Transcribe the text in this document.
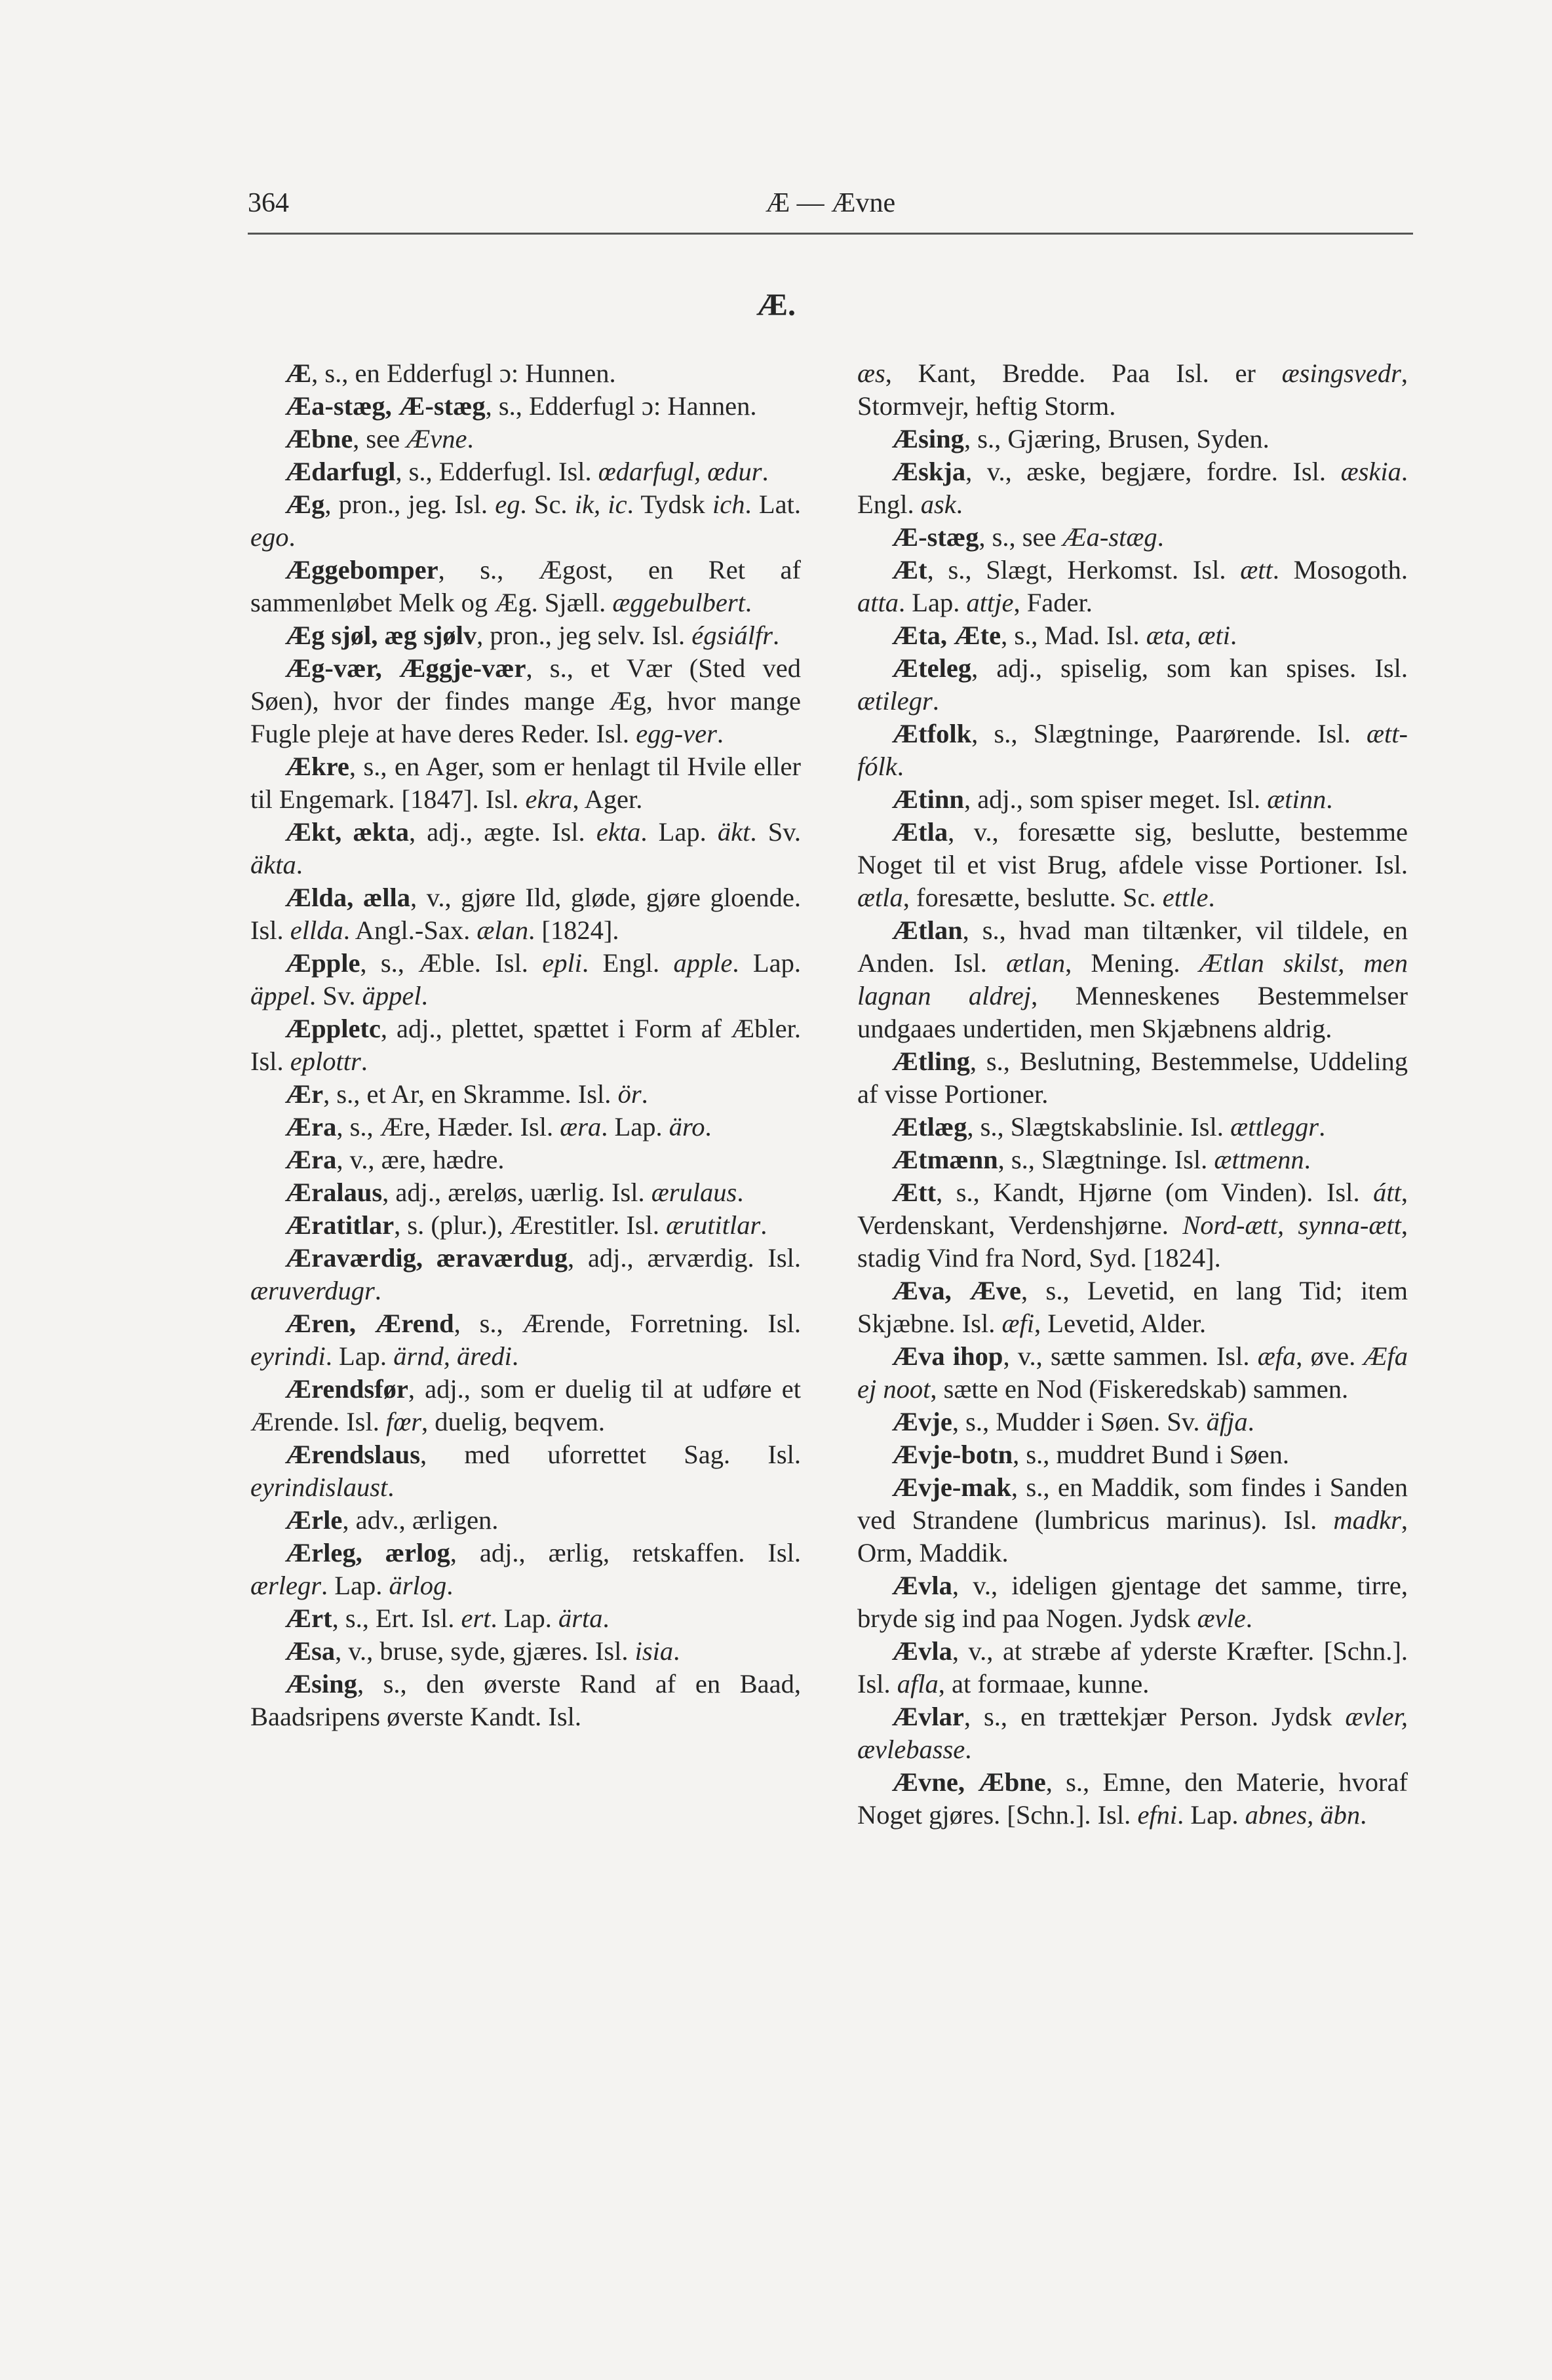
364	Æ — Ævne
Æ.

Æ, s., en Edderfugl ɔ: Hunnen.

Æa-stæg, Æ-stæg, s., Edderfugl ɔ: Hannen.

Æbne, see Ævne.

Ædarfugl, s., Edderfugl. Isl. œdarfugl, œdur.

Æg, pron., jeg. Isl. eg. Sc. ik, ic. Tydsk ich. Lat. ego.

Æggebomper, s., Ægost, en Ret af sammenløbet Melk og Æg. Sjæll. æggebulbert.

Æg sjøl, æg sjølv, pron., jeg selv. Isl. égsiálfr.

Æg-vær, Æggje-vær, s., et Vær (Sted ved Søen), hvor der findes mange Æg, hvor mange Fugle pleje at have deres Reder. Isl. egg-ver.

Ækre, s., en Ager, som er henlagt til Hvile eller til Engemark. [1847]. Isl. ekra, Ager.

Ækt, ækta, adj., ægte. Isl. ekta. Lap. äkt. Sv. äkta.

Ælda, ælla, v., gjøre Ild, gløde, gjøre gloende. Isl. ellda. Angl.-Sax. ælan. [1824].

Æpple, s., Æble. Isl. epli. Engl. apple. Lap. äppel. Sv. äppel.

Æppletc, adj., plettet, spættet i Form af Æbler. Isl. eplottr.

Ær, s., et Ar, en Skramme. Isl. ör.

Æra, s., Ære, Hæder. Isl. æra. Lap. äro.

Æra, v., ære, hædre.

Æralaus, adj., æreløs, uærlig. Isl. ærulaus.

Æratitlar, s. (plur.), Ærestitler. Isl. ærutitlar.

Æraværdig, æraværdug, adj., ærværdig. Isl. æruverdugr.

Æren, Ærend, s., Ærende, Forretning. Isl. eyrindi. Lap. ärnd, äredi.

Ærendsfør, adj., som er duelig til at udføre et Ærende. Isl. fœr, duelig, beqvem.

Ærendslaus, med uforrettet Sag. Isl. eyrindislaust.

Ærle, adv., ærligen.

Ærleg, ærlog, adj., ærlig, retskaffen. Isl. ærlegr. Lap. ärlog.

Ært, s., Ert. Isl. ert. Lap. ärta.

Æsa, v., bruse, syde, gjæres. Isl. isia.

Æsing, s., den øverste Rand af en Baad, Baadsripens øverste Kandt. Isl.

æs, Kant, Bredde. Paa Isl. er æsingsvedr, Stormvejr, heftig Storm.

Æsing, s., Gjæring, Brusen, Syden.

Æskja, v., æske, begjære, fordre. Isl. æskia. Engl. ask.

Æ-stæg, s., see Æa-stæg.

Æt, s., Slægt, Herkomst. Isl. ætt. Mosogoth. atta. Lap. attje, Fader.

Æta, Æte, s., Mad. Isl. æta, æti.

Æteleg, adj., spiselig, som kan spises. Isl. ætilegr.

Ætfolk, s., Slægtninge, Paarørende. Isl. ætt-fólk.

Ætinn, adj., som spiser meget. Isl. ætinn.

Ætla, v., foresætte sig, beslutte, bestemme Noget til et vist Brug, afdele visse Portioner. Isl. ætla, foresætte, beslutte. Sc. ettle.

Ætlan, s., hvad man tiltænker, vil tildele, en Anden. Isl. ætlan, Mening. Ætlan skilst, men lagnan aldrej, Menneskenes Bestemmelser undgaaes undertiden, men Skjæbnens aldrig.

Ætling, s., Beslutning, Bestemmelse, Uddeling af visse Portioner.

Ætlæg, s., Slægtskabslinie. Isl. ættleggr.

Ætmænn, s., Slægtninge. Isl. ættmenn.

Ætt, s., Kandt, Hjørne (om Vinden). Isl. átt, Verdenskant, Verdenshjørne. Nord-ætt, synna-ætt, stadig Vind fra Nord, Syd. [1824].

Æva, Æve, s., Levetid, en lang Tid; item Skjæbne. Isl. æfi, Levetid, Alder.

Æva ihop, v., sætte sammen. Isl. æfa, øve. Æfa ej noot, sætte en Nod (Fiskeredskab) sammen.

Ævje, s., Mudder i Søen. Sv. äfja.

Ævje-botn, s., muddret Bund i Søen.

Ævje-mak, s., en Maddik, som findes i Sanden ved Strandene (lumbricus marinus). Isl. madkr, Orm, Maddik.

Ævla, v., ideligen gjentage det samme, tirre, bryde sig ind paa Nogen. Jydsk ævle.

Ævla, v., at stræbe af yderste Kræfter. [Schn.]. Isl. afla, at formaae, kunne.

Ævlar, s., en trættekjær Person. Jydsk ævler, ævlebasse.

Ævne, Æbne, s., Emne, den Materie, hvoraf Noget gjøres. [Schn.]. Isl. efni. Lap. abnes, äbn.
